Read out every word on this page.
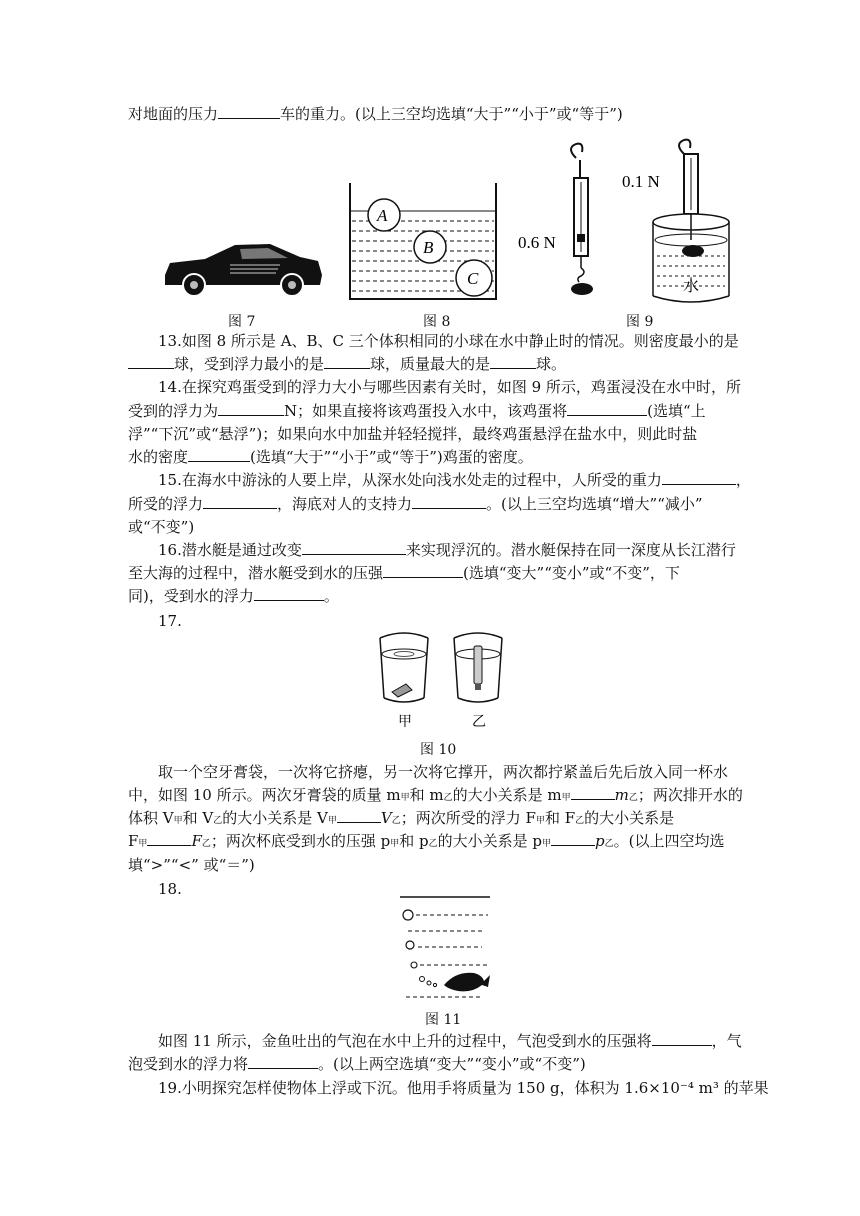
对地面的压力	车的重力。(以上三空均选填“大于”“小于”或“等于”)
图 7
A
B
C
图 8
0.6 N
0.1 N
水
图 9
13.如图 8 所示是 A、B、C 三个体积相同的小球在水中静止时的情况。则密度最小的是
球，受到浮力最小的是	球，质量最大的是	球。
14.在探究鸡蛋受到的浮力大小与哪些因素有关时，如图 9 所示，鸡蛋浸没在水中时，所
受到的浮力为	N；如果直接将该鸡蛋投入水中，该鸡蛋将	(选填“上
浮”“下沉”或“悬浮”)；如果向水中加盐并轻轻搅拌，最终鸡蛋悬浮在盐水中，则此时盐
水的密度	(选填“大于”“小于”或“等于”)鸡蛋的密度。
15.在海水中游泳的人要上岸，从深水处向浅水处走的过程中，人所受的重力	，
所受的浮力	，海底对人的支持力	。(以上三空均选填“增大”“减小”
或“不变”)
16.潜水艇是通过改变	来实现浮沉的。潜水艇保持在同一深度从长江潜行
至大海的过程中，潜水艇受到水的压强	(选填“变大”“变小”或“不变”，下
同)，受到水的浮力	。
17.
甲	乙
图 10
取一个空牙膏袋，一次将它挤瘪，另一次将它撑开，两次都拧紧盖后先后放入同一杯水
中，如图 10 所示。两次牙膏袋的质量 m甲和 m乙的大小关系是 m甲	m乙；两次排开水的
体积 V甲和 V乙的大小关系是 V甲	V乙；两次所受的浮力 F甲和 F乙的大小关系是
F甲	F乙；两次杯底受到水的压强 p甲和 p乙的大小关系是 p甲	p乙。(以上四空均选
填“>”“<” 或“＝”)
18.
图 11
如图 11 所示，金鱼吐出的气泡在水中上升的过程中，气泡受到水的压强将	，气
泡受到水的浮力将	。(以上两空选填“变大”“变小”或“不变”)
19.小明探究怎样使物体上浮或下沉。他用手将质量为 150 g，体积为 1.6×10⁻⁴ m³ 的苹果
